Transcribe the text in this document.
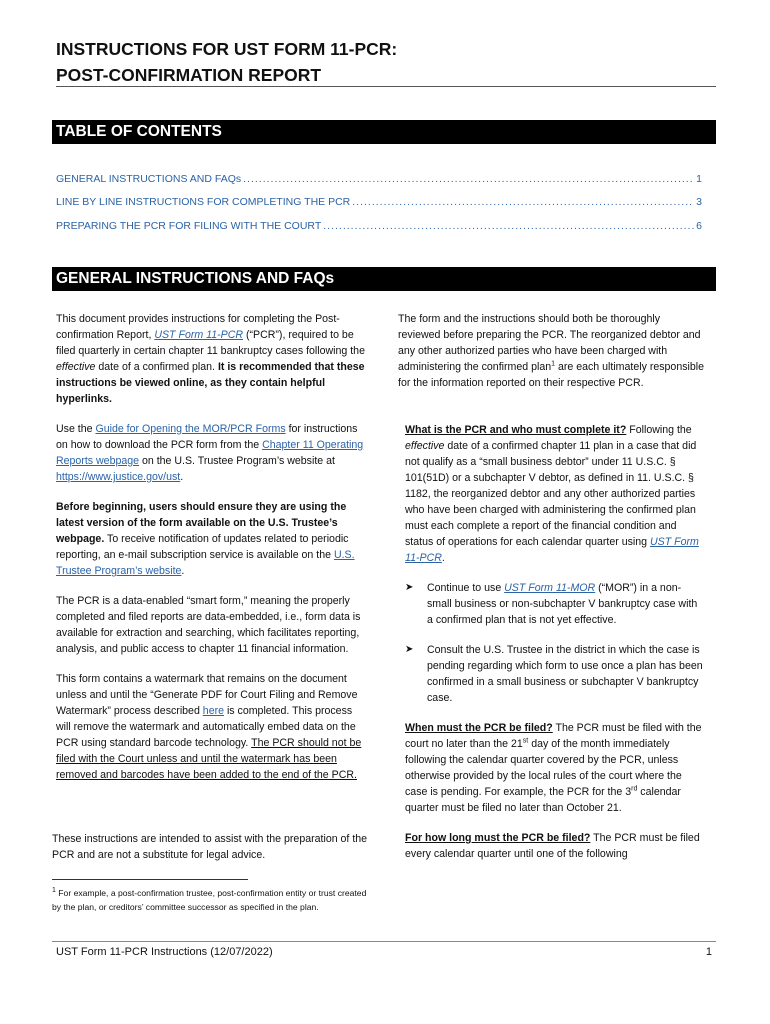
INSTRUCTIONS FOR UST FORM 11-PCR:
POST-CONFIRMATION REPORT
TABLE OF CONTENTS
GENERAL INSTRUCTIONS AND FAQs .....	1
LINE BY LINE INSTRUCTIONS FOR COMPLETING THE PCR .....	3
PREPARING THE PCR FOR FILING WITH THE COURT .....	6
GENERAL INSTRUCTIONS AND FAQs

This document provides instructions for completing the Post-confirmation Report, UST Form 11-PCR (“PCR”), required to be filed quarterly in certain chapter 11 bankruptcy cases following the effective date of a confirmed plan. It is recommended that these instructions be viewed online, as they contain helpful hyperlinks.

Use the Guide for Opening the MOR/PCR Forms for instructions on how to download the PCR form from the Chapter 11 Operating Reports webpage on the U.S. Trustee Program’s website at https://www.justice.gov/ust.

Before beginning, users should ensure they are using the latest version of the form available on the U.S. Trustee’s webpage. To receive notification of updates related to periodic reporting, an e-mail subscription service is available on the U.S. Trustee Program’s website.

The PCR is a data-enabled “smart form,” meaning the properly completed and filed reports are data-embedded, i.e., form data is available for extraction and searching, which facilitates reporting, analysis, and public access to chapter 11 financial information.

This form contains a watermark that remains on the document unless and until the “Generate PDF for Court Filing and Remove Watermark” process described here is completed. This process will remove the watermark and automatically embed data on the PCR using standard barcode technology. The PCR should not be filed with the Court unless and until the watermark has been removed and barcodes have been added to the end of the PCR.

These instructions are intended to assist with the preparation of the PCR and are not a substitute for legal advice.

The form and the instructions should both be thoroughly reviewed before preparing the PCR. The reorganized debtor and any other authorized parties who have been charged with administering the confirmed plan$^1$ are each ultimately responsible for the information reported on their respective PCR.

What is the PCR and who must complete it? Following the effective date of a confirmed chapter 11 plan in a case that did not qualify as a “small business debtor” under 11 U.S.C. § 101(51D) or a subchapter V debtor, as defined in 11. U.S.C. § 1182, the reorganized debtor and any other authorized parties who have been charged with administering the confirmed plan must each complete a report of the financial condition and status of operations for each calendar quarter using UST Form 11-PCR.

➤	Continue to use UST Form 11-MOR (“MOR”) in a non-small business or non-subchapter V bankruptcy case with a confirmed plan that is not yet effective.
➤	Consult the U.S. Trustee in the district in which the case is pending regarding which form to use once a plan has been confirmed in a small business or subchapter V bankruptcy case.

When must the PCR be filed? The PCR must be filed with the court no later than the 21st day of the month immediately following the calendar quarter covered by the PCR, unless otherwise provided by the local rules of the court where the case is pending. For example, the PCR for the 3rd calendar quarter must be filed no later than October 21.

For how long must the PCR be filed? The PCR must be filed every calendar quarter until one of the following

$^1$ For example, a post-confirmation trustee, post-confirmation entity or trust created by the plan, or creditors’ committee successor as specified in the plan.
UST Form 11-PCR Instructions (12/07/2022)	1
